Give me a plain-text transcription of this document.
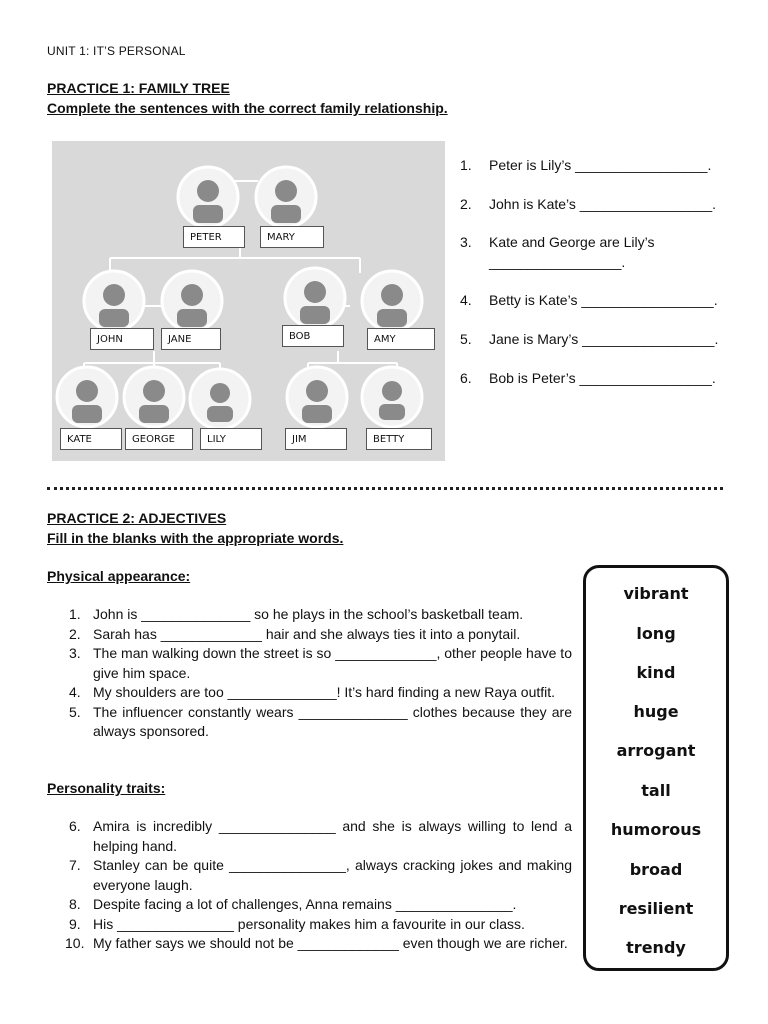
UNIT 1: IT’S PERSONAL
PRACTICE 1: FAMILY TREE
Complete the sentences with the correct family relationship.
PETER	MARY
JOHN	JANE	BOB	AMY
KATE	GEORGE	LILY	JIM	BETTY
1. Peter is Lily’s _________________.
2. John is Kate’s _________________.
3. Kate and George are Lily’s
_________________.
4. Betty is Kate’s _________________.
5. Jane is Mary’s _________________.
6. Bob is Peter’s _________________.
PRACTICE 2: ADJECTIVES
Fill in the blanks with the appropriate words.
Physical appearance:
1. John is ______________ so he plays in the school’s basketball team.
2. Sarah has _____________ hair and she always ties it into a ponytail.
3. The man walking down the street is so _____________, other people have to give him space.
4. My shoulders are too ______________! It’s hard finding a new Raya outfit.
5. The influencer constantly wears ______________ clothes because they are always sponsored.
Personality traits:
6. Amira is incredibly _______________ and she is always willing to lend a helping hand.
7. Stanley can be quite _______________, always cracking jokes and making everyone laugh.
8. Despite facing a lot of challenges, Anna remains _______________.
9. His _______________ personality makes him a favourite in our class.
10. My father says we should not be _____________ even though we are richer.
vibrant
long
kind
huge
arrogant
tall
humorous
broad
resilient
trendy
